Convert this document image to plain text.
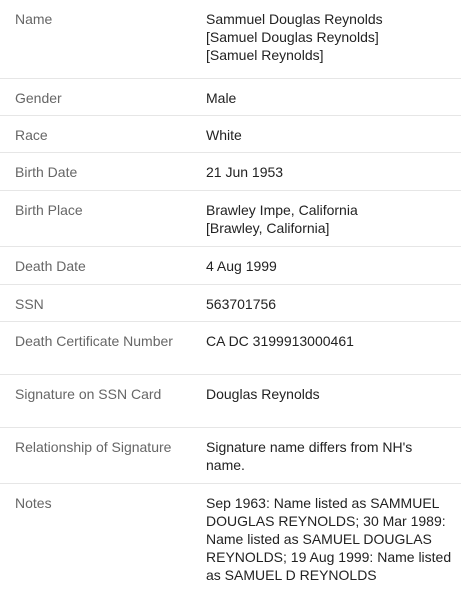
Name	Sammuel Douglas Reynolds
[Samuel Douglas Reynolds]
[Samuel Reynolds]

Gender	Male

Race	White

Birth Date	21 Jun 1953

Birth Place	Brawley Impe, California
[Brawley, California]

Death Date	4 Aug 1999

SSN	563701756

Death Certificate Number	CA DC 3199913000461

Signature on SSN Card	Douglas Reynolds

Relationship of Signature	Signature name differs from NH's name.

Notes	Sep 1963: Name listed as SAMMUEL DOUGLAS REYNOLDS; 30 Mar 1989: Name listed as SAMUEL DOUGLAS REYNOLDS; 19 Aug 1999: Name listed as SAMUEL D REYNOLDS
